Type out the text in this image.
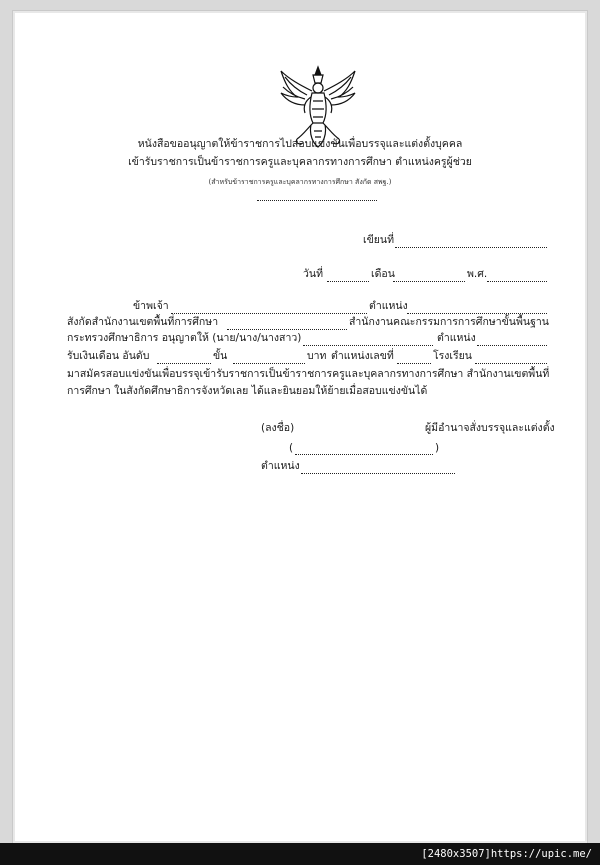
หนังสือขออนุญาตให้ข้าราชการไปสอบแข่งขันเพื่อบรรจุและแต่งตั้งบุคคล
เข้ารับราชการเป็นข้าราชการครูและบุคลากรทางการศึกษา ตำแหน่งครูผู้ช่วย
(สำหรับข้าราชการครูและบุคลากรทางการศึกษา สังกัด สพฐ.)
เขียนที่
วันที่	เดือน	พ.ศ.
ข้าพเจ้า	ตำแหน่ง
สังกัดสำนักงานเขตพื้นที่การศึกษา	สำนักงานคณะกรรมการการศึกษาขั้นพื้นฐาน
กระทรวงศึกษาธิการ อนุญาตให้ (นาย/นาง/นางสาว)	ตำแหน่ง
รับเงินเดือน อันดับ	ขั้น	บาท ตำแหน่งเลขที่	โรงเรียน
มาสมัครสอบแข่งขันเพื่อบรรจุเข้ารับราชการเป็นข้าราชการครูและบุคลากรทางการศึกษา สำนักงานเขตพื้นที่
การศึกษา ในสังกัดศึกษาธิการจังหวัดเลย ได้และยินยอมให้ย้ายเมื่อสอบแข่งขันได้
(ลงชื่อ)	ผู้มีอำนาจสั่งบรรจุและแต่งตั้ง
(	)
ตำแหน่ง
[2480x3507]https://upic.me/
